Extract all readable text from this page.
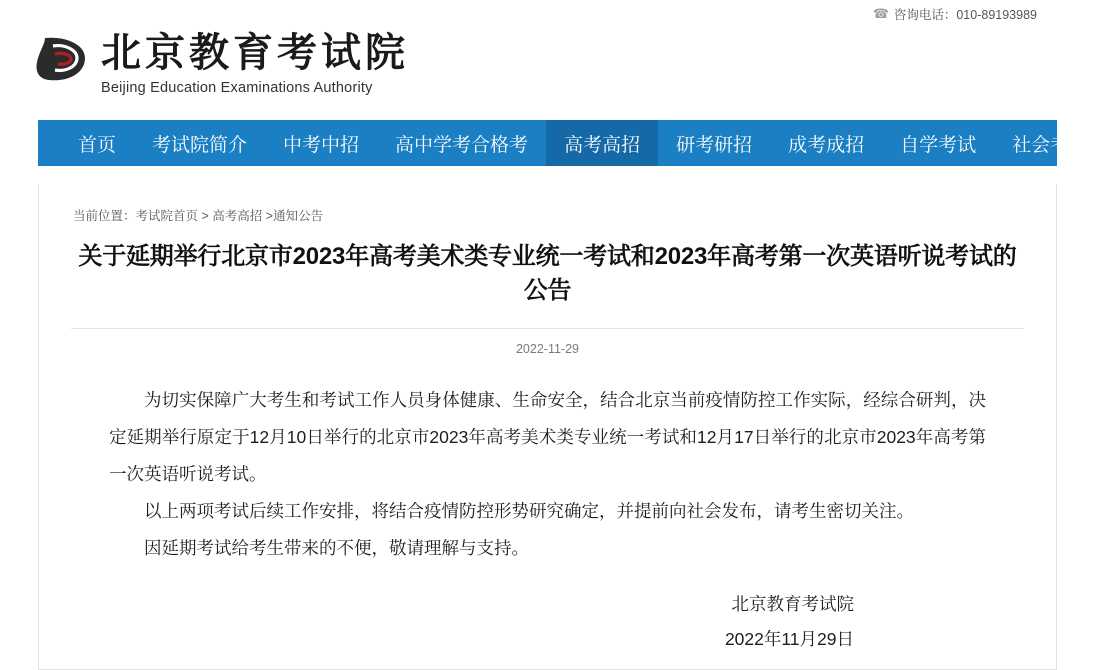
☎ 咨询电话：010-89193989
北京教育考试院
Beijing Education Examinations Authority
首页	考试院简介	中考中招	高中学考合格考	高考高招	研考研招	成考成招	自学考试	社会考试
当前位置：考试院首页 > 高考高招 >通知公告
关于延期举行北京市2023年高考美术类专业统一考试和2023年高考第一次英语听说考试的公告
2022-11-29

为切实保障广大考生和考试工作人员身体健康、生命安全，结合北京当前疫情防控工作实际，经综合研判，决定延期举行原定于12月10日举行的北京市2023年高考美术类专业统一考试和12月17日举行的北京市2023年高考第一次英语听说考试。

以上两项考试后续工作安排，将结合疫情防控形势研究确定，并提前向社会发布，请考生密切关注。

因延期考试给考生带来的不便，敬请理解与支持。

北京教育考试院
2022年11月29日
